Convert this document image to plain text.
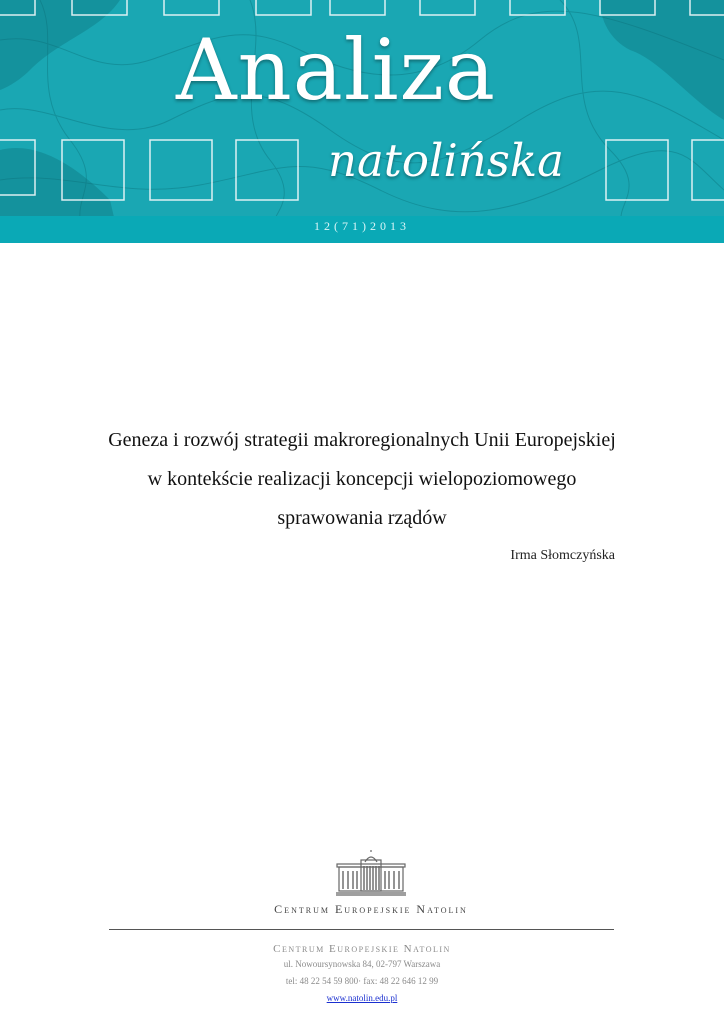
Analiza
natolińska
12(71)2013
Geneza i rozwój strategii makroregionalnych Unii Europejskiej w kontekście realizacji koncepcji wielopoziomowego sprawowania rządów
Irma Słomczyńska
Centrum Europejskie Natolin
Centrum Europejskie Natolin
ul. Nowoursynowska 84, 02-797 Warszawa
tel: 48 22 54 59 800· fax: 48 22 646 12 99
www.natolin.edu.pl
